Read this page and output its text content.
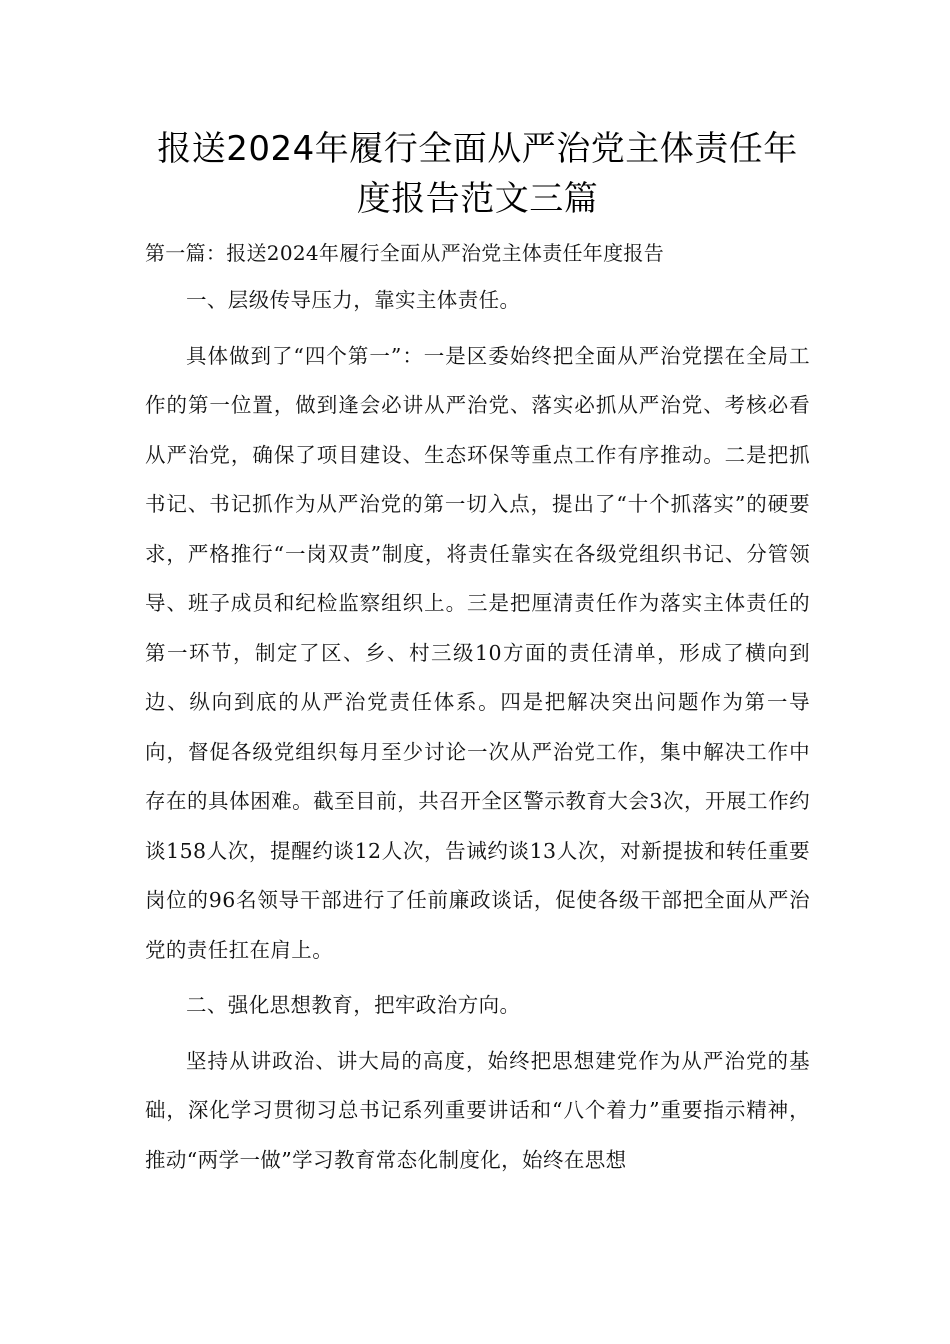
报送2024年履行全面从严治党主体责任年度报告范文三篇

第一篇：报送2024年履行全面从严治党主体责任年度报告

一、层级传导压力，靠实主体责任。

具体做到了“四个第一”：一是区委始终把全面从严治党摆在全局工作的第一位置，做到逢会必讲从严治党、落实必抓从严治党、考核必看从严治党，确保了项目建设、生态环保等重点工作有序推动。二是把抓书记、书记抓作为从严治党的第一切入点，提出了“十个抓落实”的硬要求，严格推行“一岗双责”制度，将责任靠实在各级党组织书记、分管领导、班子成员和纪检监察组织上。三是把厘清责任作为落实主体责任的第一环节，制定了区、乡、村三级10方面的责任清单，形成了横向到边、纵向到底的从严治党责任体系。四是把解决突出问题作为第一导向，督促各级党组织每月至少讨论一次从严治党工作，集中解决工作中存在的具体困难。截至目前，共召开全区警示教育大会3次，开展工作约谈158人次，提醒约谈12人次，告诫约谈13人次，对新提拔和转任重要岗位的96名领导干部进行了任前廉政谈话，促使各级干部把全面从严治党的责任扛在肩上。

二、强化思想教育，把牢政治方向。

坚持从讲政治、讲大局的高度，始终把思想建党作为从严治党的基础，深化学习贯彻习总书记系列重要讲话和“八个着力”重要指示精神，推动“两学一做”学习教育常态化制度化，始终在思想
